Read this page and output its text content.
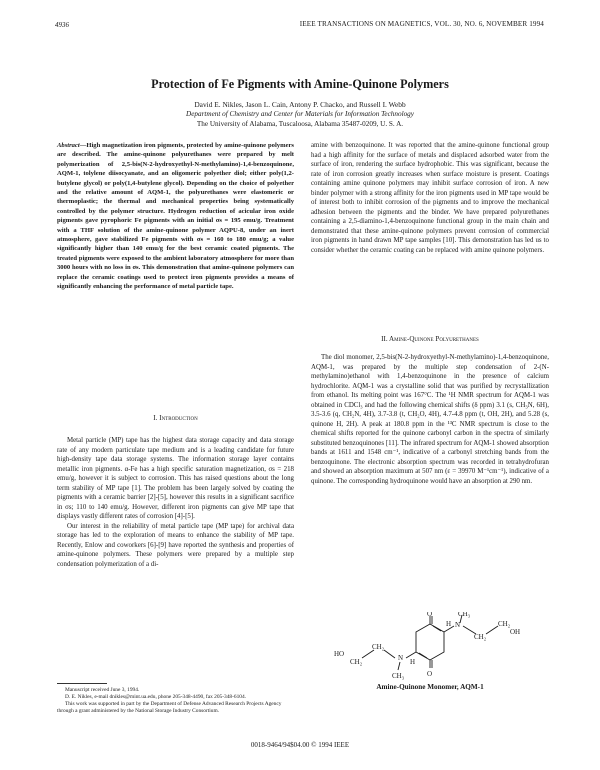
4936	IEEE TRANSACTIONS ON MAGNETICS, VOL. 30, NO. 6, NOVEMBER 1994
Protection of Fe Pigments with Amine-Quinone Polymers
David E. Nikles, Jason L. Cain, Antony P. Chacko, and Russell I. Webb
Department of Chemistry and Center for Materials for Information Technology
The University of Alabama, Tuscaloosa, Alabama 35487-0209, U. S. A.
Abstract—High magnetization iron pigments, protected by amine-quinone polymers are described. The amine-quinone polyurethanes were prepared by melt polymerization of 2,5-bis(N-2-hydroxyethyl-N-methylamino)-1,4-benzoquinone, AQM-1, tolylene diisocyanate, and an oligomeric polyether diol; either poly(1,2-butylene glycol) or poly(1,4-butylene glycol). Depending on the choice of polyether and the relative amount of AQM-1, the polyurethanes were elastomeric or thermoplastic; the thermal and mechanical properties being systematically controlled by the polymer structure. Hydrogen reduction of acicular iron oxide pigments gave pyrophoric Fe pigments with an initial σs = 195 emu/g. Treatment with a THF solution of the amine-quinone polymer AQPU-8, under an inert atmosphere, gave stabilized Fe pigments with σs = 160 to 180 emu/g; a value significantly higher than 140 emu/g for the best ceramic coated pigments. The treated pigments were exposed to the ambient laboratory atmosphere for more than 3000 hours with no loss in σs. This demonstration that amine-quinone polymers can replace the ceramic coatings used to protect iron pigments provides a means of significantly enhancing the performance of metal particle tape.

I. Introduction

Metal particle (MP) tape has the highest data storage capacity and data storage rate of any modern particulate tape medium and is a leading candidate for future high-density tape data storage systems. The information storage layer contains metallic iron pigments. α-Fe has a high specific saturation magnetization, σs = 218 emu/g, however it is subject to corrosion. This has raised questions about the long term stability of MP tape [1]. The problem has been largely solved by coating the pigments with a ceramic barrier [2]-[5], however this results in a significant sacrifice in σs; 110 to 140 emu/g. However, different iron pigments can give MP tape that displays vastly different rates of corrosion [4]-[5].

Our interest in the reliability of metal particle tape (MP tape) for archival data storage has led to the exploration of means to enhance the stability of MP tape. Recently, Enlow and coworkers [6]-[9] have reported the synthesis and properties of amine-quinone polymers. These polymers were prepared by a multiple step condensation polymerization of a di-

Manuscript received June 3, 1994.

D. E. Nikles, e-mail dnikles@mint.ua.edu, phone 205-348-4490, fax 205-348-6104.

This work was supported in part by the Department of Defense Advanced Research Projects Agency through a grant administered by the National Storage Industry Consortium.

amine with benzoquinone. It was reported that the amine-quinone functional group had a high affinity for the surface of metals and displaced adsorbed water from the surface of iron, rendering the surface hydrophobic. This was significant, because the rate of iron corrosion greatly increases when surface moisture is present. Coatings containing amine quinone polymers may inhibit surface corrosion of iron. A new binder polymer with a strong affinity for the iron pigments used in MP tape would be of interest both to inhibit corrosion of the pigments and to improve the mechanical adhesion between the pigments and the binder. We have prepared polyurethanes containing a 2,5-diamino-1,4-benzoquinone functional group in the main chain and demonstrated that these amine-quinone polymers prevent corrosion of commercial iron pigments in hand drawn MP tape samples [10]. This demonstration has led us to consider whether the ceramic coating can be replaced with amine quinone polymers.

II. Amine-Quinone Polyurethanes

The diol monomer, 2,5-bis(N-2-hydroxyethyl-N-methylamino)-1,4-benzoquinone, AQM-1, was prepared by the multiple step condensation of 2-(N-methylamino)ethanol with 1,4-benzoquinone in the presence of calcium hydrochlorite. AQM-1 was a crystalline solid that was purified by recrystallization from ethanol. Its melting point was 167°C. The ¹H NMR spectrum for AQM-1 was obtained in CDCl₃ and had the following chemical shifts (δ ppm) 3.1 (s, CH₃N, 6H), 3.5-3.6 (q, CH₂N, 4H), 3.7-3.8 (t, CH₂O, 4H), 4.7-4.8 ppm (t, OH, 2H), and 5.28 (s, quinone H, 2H). A peak at 180.8 ppm in the ¹³C NMR spectrum is close to the chemical shifts reported for the quinone carbonyl carbon in the spectra of similarly substituted benzoquinones [11]. The infrared spectrum for AQM-1 showed absorption bands at 1611 and 1548 cm⁻¹, indicative of a carbonyl stretching bands from the benzoquinone. The electronic absorption spectrum was recorded in tetrahydrofuran and showed an absorption maximum at 507 nm (ε = 39970 M⁻¹cm⁻¹), indicative of a quinone. The corresponding hydroquinone would have an absorption at 290 nm.

O
O
H
H
N
CH₃
CH₂
CH₂
OH
N
CH₃
CH₂
CH₂
HO
Amine-Quinone Monomer, AQM-1
0018-9464/94$04.00 © 1994 IEEE
